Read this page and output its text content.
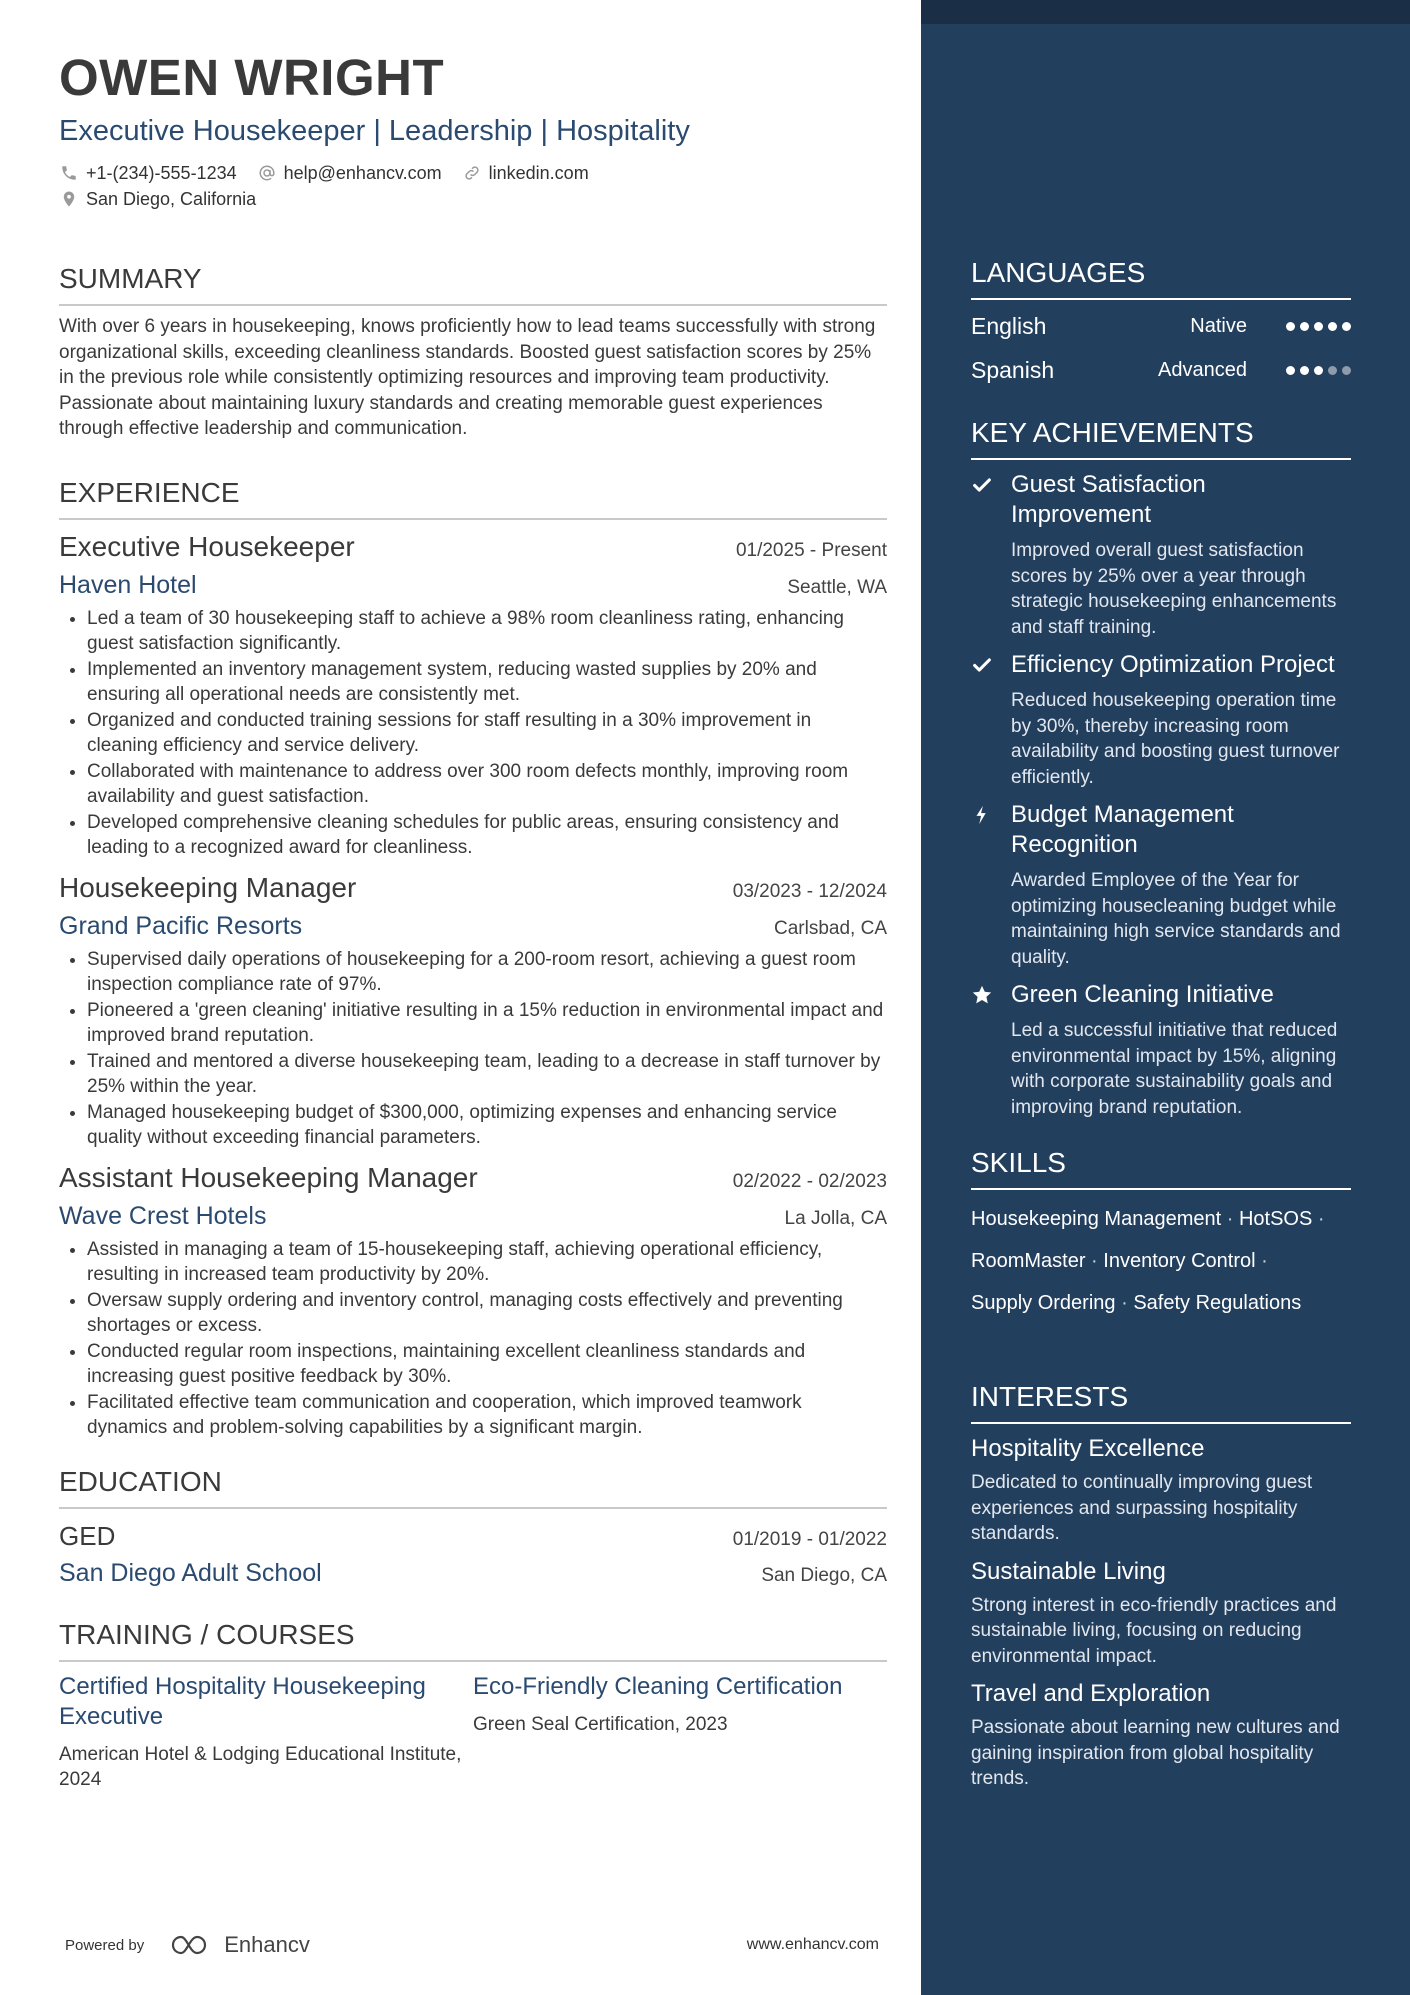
OWEN WRIGHT
Executive Housekeeper | Leadership | Hospitality
+1-(234)-555-1234	help@enhancv.com	linkedin.com
San Diego, California
SUMMARY
With over 6 years in housekeeping, knows proficiently how to lead teams successfully with strong organizational skills, exceeding cleanliness standards. Boosted guest satisfaction scores by 25% in the previous role while consistently optimizing resources and improving team productivity. Passionate about maintaining luxury standards and creating memorable guest experiences through effective leadership and communication.
EXPERIENCE
Executive Housekeeper	01/2025 - Present
Haven Hotel	Seattle, WA
• Led a team of 30 housekeeping staff to achieve a 98% room cleanliness rating, enhancing guest satisfaction significantly.
• Implemented an inventory management system, reducing wasted supplies by 20% and ensuring all operational needs are consistently met.
• Organized and conducted training sessions for staff resulting in a 30% improvement in cleaning efficiency and service delivery.
• Collaborated with maintenance to address over 300 room defects monthly, improving room availability and guest satisfaction.
• Developed comprehensive cleaning schedules for public areas, ensuring consistency and leading to a recognized award for cleanliness.
Housekeeping Manager	03/2023 - 12/2024
Grand Pacific Resorts	Carlsbad, CA
• Supervised daily operations of housekeeping for a 200-room resort, achieving a guest room inspection compliance rate of 97%.
• Pioneered a 'green cleaning' initiative resulting in a 15% reduction in environmental impact and improved brand reputation.
• Trained and mentored a diverse housekeeping team, leading to a decrease in staff turnover by 25% within the year.
• Managed housekeeping budget of $300,000, optimizing expenses and enhancing service quality without exceeding financial parameters.
Assistant Housekeeping Manager	02/2022 - 02/2023
Wave Crest Hotels	La Jolla, CA
• Assisted in managing a team of 15-housekeeping staff, achieving operational efficiency, resulting in increased team productivity by 20%.
• Oversaw supply ordering and inventory control, managing costs effectively and preventing shortages or excess.
• Conducted regular room inspections, maintaining excellent cleanliness standards and increasing guest positive feedback by 30%.
• Facilitated effective team communication and cooperation, which improved teamwork dynamics and problem-solving capabilities by a significant margin.
EDUCATION
GED	01/2019 - 01/2022
San Diego Adult School	San Diego, CA
TRAINING / COURSES
Certified Hospitality Housekeeping Executive
American Hotel & Lodging Educational Institute, 2024
Eco-Friendly Cleaning Certification
Green Seal Certification, 2023
Powered by	Enhancv	www.enhancv.com
LANGUAGES
English	Native
Spanish	Advanced
KEY ACHIEVEMENTS
Guest Satisfaction Improvement
Improved overall guest satisfaction scores by 25% over a year through strategic housekeeping enhancements and staff training.
Efficiency Optimization Project
Reduced housekeeping operation time by 30%, thereby increasing room availability and boosting guest turnover efficiently.
Budget Management Recognition
Awarded Employee of the Year for optimizing housecleaning budget while maintaining high service standards and quality.
Green Cleaning Initiative
Led a successful initiative that reduced environmental impact by 15%, aligning with corporate sustainability goals and improving brand reputation.
SKILLS
Housekeeping Management · HotSOS ·
RoomMaster · Inventory Control ·
Supply Ordering · Safety Regulations
INTERESTS
Hospitality Excellence
Dedicated to continually improving guest experiences and surpassing hospitality standards.
Sustainable Living
Strong interest in eco-friendly practices and sustainable living, focusing on reducing environmental impact.
Travel and Exploration
Passionate about learning new cultures and gaining inspiration from global hospitality trends.
